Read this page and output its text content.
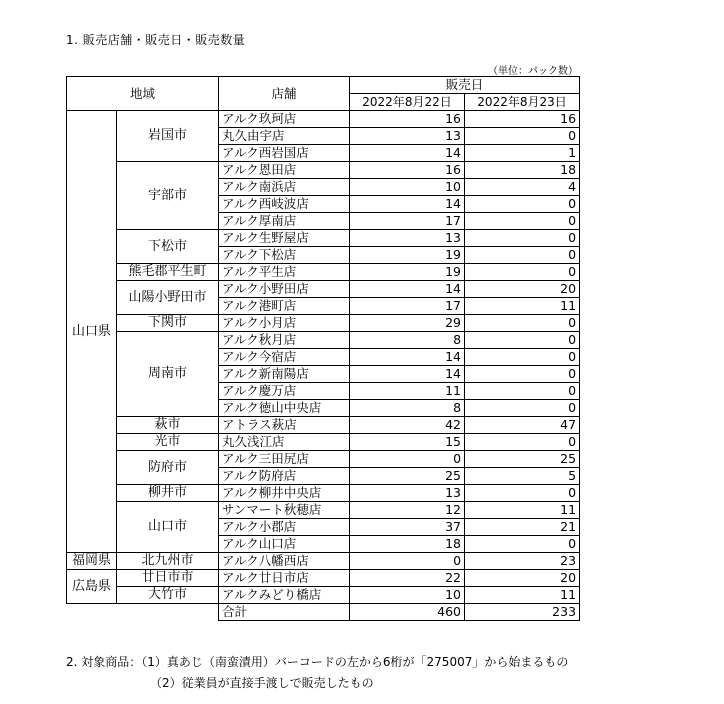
1. 販売店舗・販売日・販売数量
（単位：パック数）
地域		店舗	販売日	
			2022年8月22日	2022年8月23日
山口県	岩国市	アルク玖珂店	16	16
		丸久由宇店	13	0
		アルク西岩国店	14	1
	宇部市	アルク恩田店	16	18
		アルク南浜店	10	4
		アルク西岐波店	14	0
		アルク厚南店	17	0
	下松市	アルク生野屋店	13	0
		アルク下松店	19	0
	熊毛郡平生町	アルク平生店	19	0
	山陽小野田市	アルク小野田店	14	20
		アルク港町店	17	11
	下関市	アルク小月店	29	0
	周南市	アルク秋月店	8	0
		アルク今宿店	14	0
		アルク新南陽店	14	0
		アルク慶万店	11	0
		アルク徳山中央店	8	0
	萩市	アトラス萩店	42	47
	光市	丸久浅江店	15	0
	防府市	アルク三田尻店	0	25
		アルク防府店	25	5
	柳井市	アルク柳井中央店	13	0
	山口市	サンマート秋穂店	12	11
		アルク小郡店	37	21
		アルク山口店	18	0
福岡県	北九州市	アルク八幡西店	0	23
広島県	廿日市市	アルク廿日市店	22	20
	大竹市	アルクみどり橋店	10	11
		合計	460	233
2. 対象商品：（1）真あじ（南蛮漬用）バーコードの左から6桁が「275007」から始まるもの
（2）従業員が直接手渡しで販売したもの
